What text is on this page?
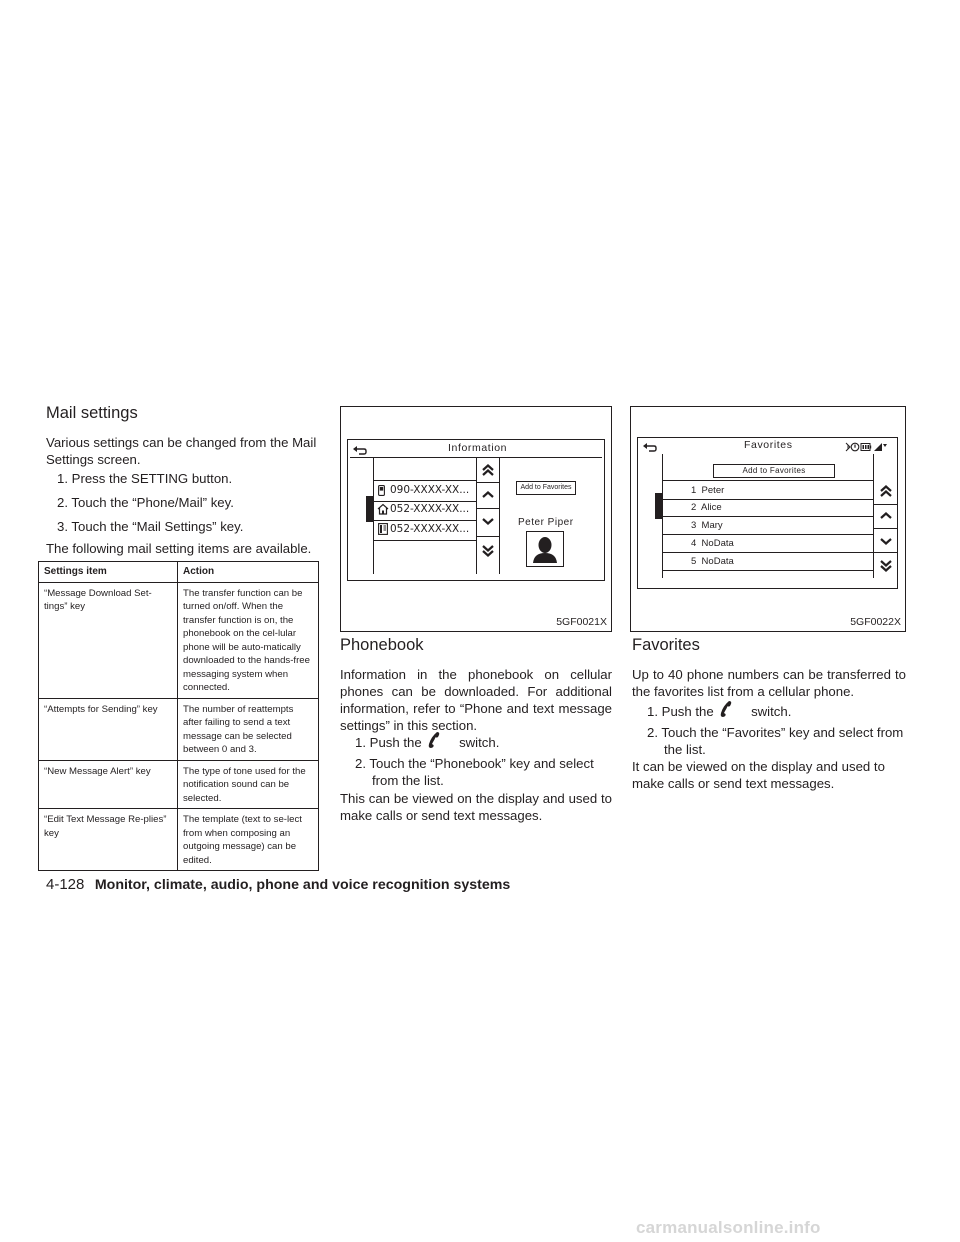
Mail settings

Various settings can be changed from the Mail Settings screen.

1. Press the SETTING button.

2. Touch the “Phone/Mail” key.

3. Touch the “Mail Settings” key.

The following mail setting items are available.

Settings item	Action
“Message Download Set-tings” key	The transfer function can be turned on/off. When the transfer function is on, the phonebook on the cel-lular phone will be auto-matically downloaded to the hands-free messaging system when connected.
“Attempts for Sending” key	The number of reattempts after failing to send a text message can be selected between 0 and 3.
“New Message Alert” key	The type of tone used for the notification sound can be selected.
“Edit Text Message Re-plies” key	The template (text to se-lect from when composing an outgoing message) can be edited.
Information
090-XXXX-XX...
052-XXXX-XX...
052-XXXX-XX...
Add to Favorites
Peter Piper
5GF0021X
Favorites
Add to Favorites
1  Peter
2  Alice
3  Mary
4  NoData
5  NoData
5GF0022X
Phonebook

Information in the phonebook on cellular phones can be downloaded. For additional information, refer to “Phone and text message settings” in this section.

1. Push the	switch.

2. Touch the “Phonebook” key and select from the list.

This can be viewed on the display and used to make calls or send text messages.

Favorites

Up to 40 phone numbers can be transferred to the favorites list from a cellular phone.

1. Push the	switch.

2. Touch the “Favorites” key and select from the list.

It can be viewed on the display and used to make calls or send text messages.

4-128 Monitor, climate, audio, phone and voice recognition systems
carmanualsonline.info
